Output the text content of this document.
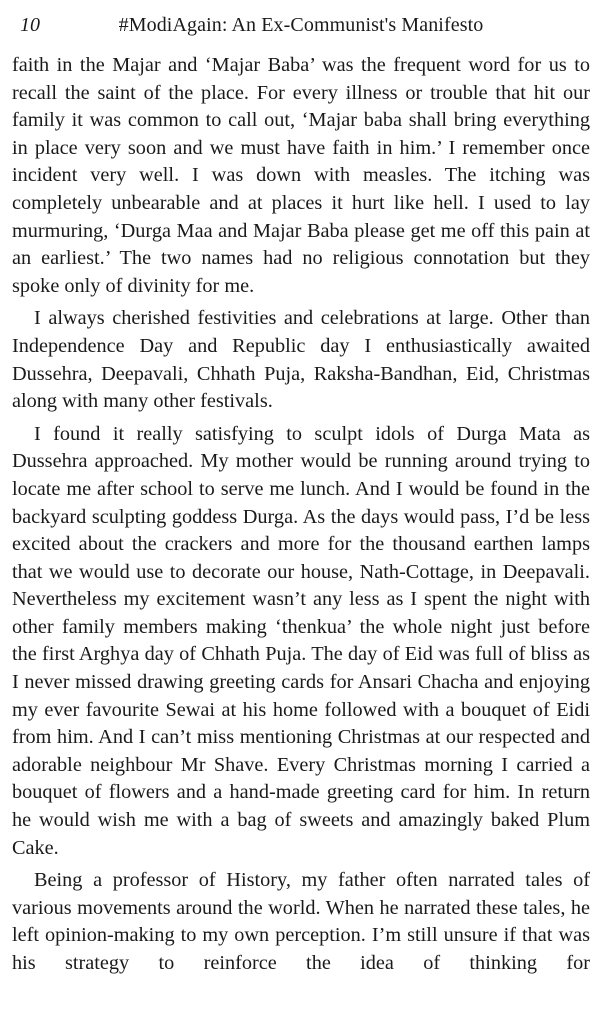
10	#ModiAgain: An Ex-Communist's Manifesto

faith in the Majar and ‘Majar Baba’ was the frequent word for us to recall the saint of the place. For every illness or trouble that hit our family it was common to call out, ‘Majar baba shall bring everything in place very soon and we must have faith in him.’ I remember once incident very well. I was down with measles. The itching was completely unbearable and at places it hurt like hell. I used to lay murmuring, ‘Durga Maa and Majar Baba please get me off this pain at an earliest.’ The two names had no religious connotation but they spoke only of divinity for me.

I always cherished festivities and celebrations at large. Other than Independence Day and Republic day I enthusiastically awaited Dussehra, Deepavali, Chhath Puja, Raksha-Bandhan, Eid, Christmas along with many other festivals.

I found it really satisfying to sculpt idols of Durga Mata as Dussehra approached. My mother would be running around trying to locate me after school to serve me lunch. And I would be found in the backyard sculpting goddess Durga. As the days would pass, I’d be less excited about the crackers and more for the thousand earthen lamps that we would use to decorate our house, Nath-Cottage, in Deepavali. Nevertheless my excitement wasn’t any less as I spent the night with other family members making ‘thenkua’ the whole night just before the first Arghya day of Chhath Puja. The day of Eid was full of bliss as I never missed drawing greeting cards for Ansari Chacha and enjoying my ever favourite Sewai at his home followed with a bouquet of Eidi from him. And I can’t miss mentioning Christmas at our respected and adorable neighbour Mr Shave. Every Christmas morning I carried a bouquet of flowers and a hand-made greeting card for him. In return he would wish me with a bag of sweets and amazingly baked Plum Cake.

Being a professor of History, my father often narrated tales of various movements around the world. When he narrated these tales, he left opinion-making to my own perception. I’m still unsure if that was his strategy to reinforce the idea of thinking for
